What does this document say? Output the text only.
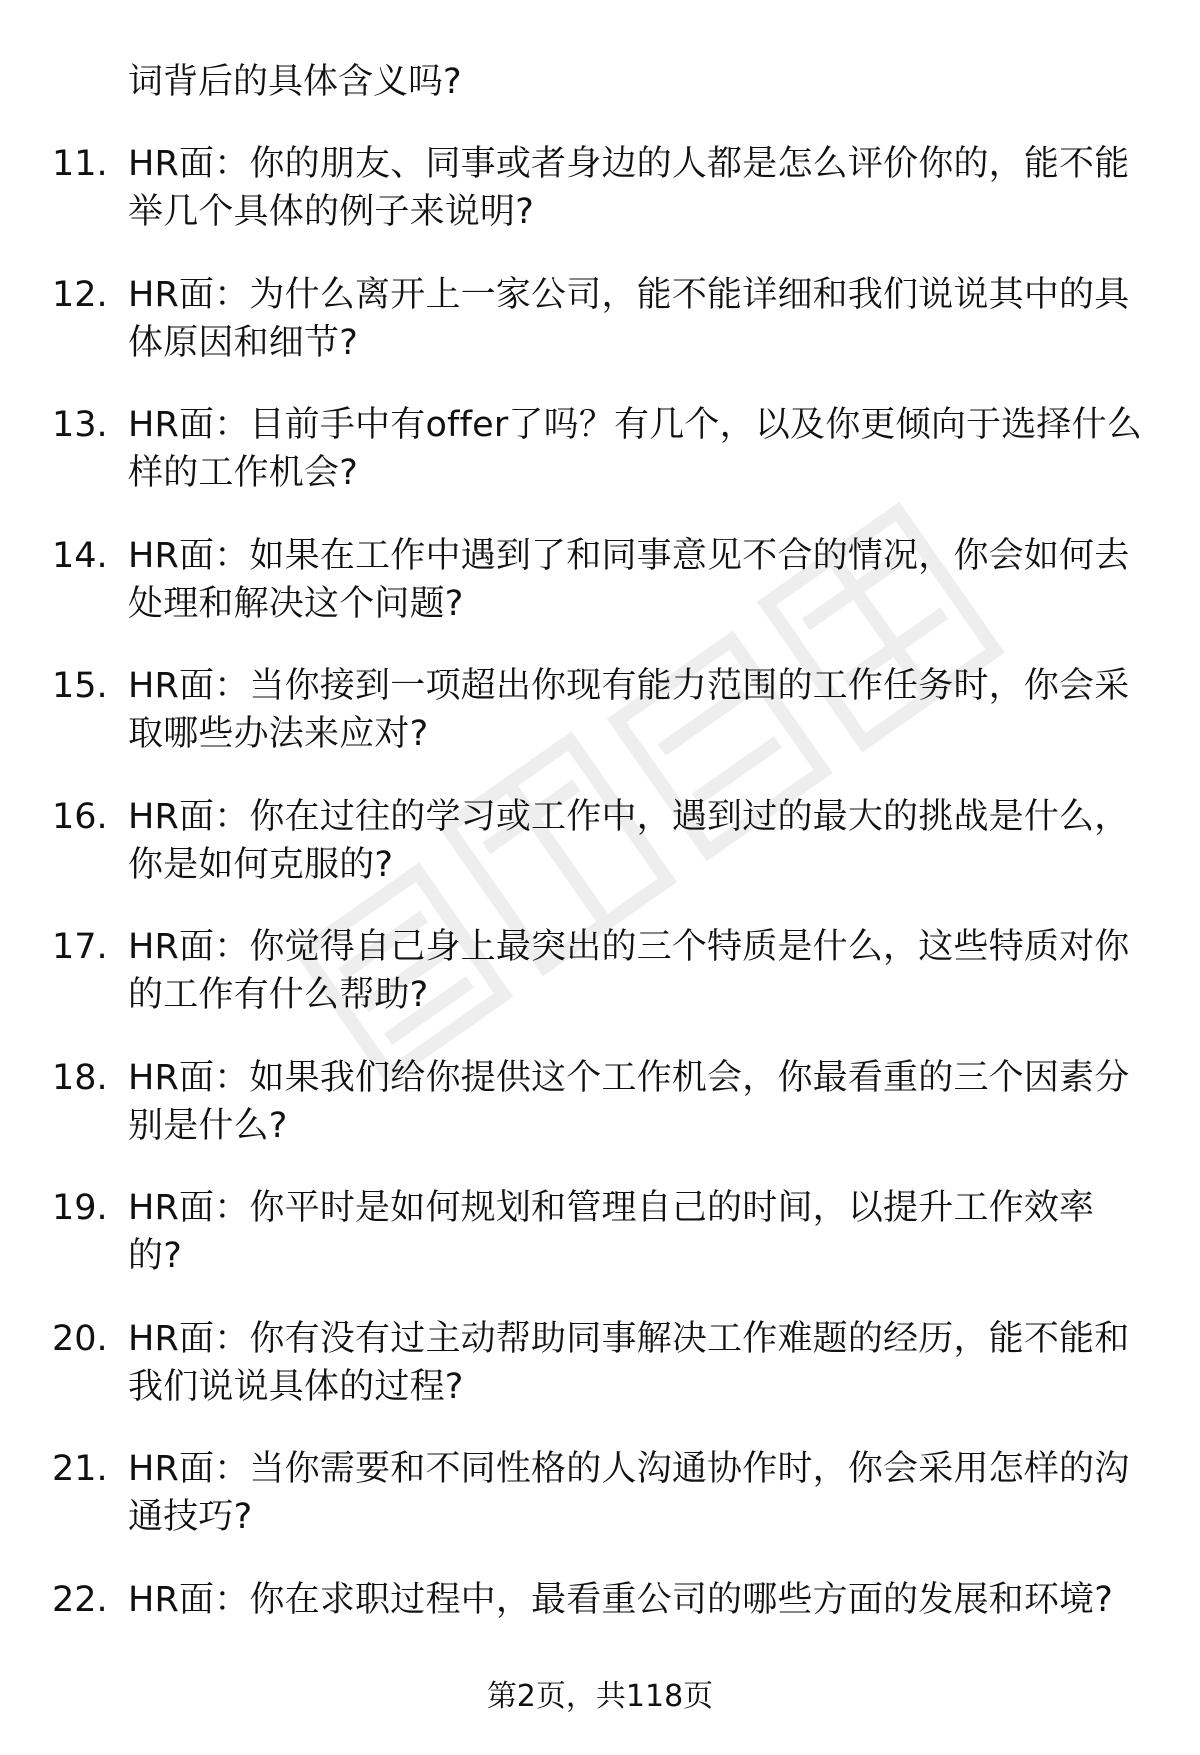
词背后的具体含义吗?

11. HR面：你的朋友、同事或者身边的人都是怎么评价你的，能不能举几个具体的例子来说明?
12. HR面：为什么离开上一家公司，能不能详细和我们说说其中的具体原因和细节?
13. HR面：目前手中有offer了吗？有几个，以及你更倾向于选择什么样的工作机会?
14. HR面：如果在工作中遇到了和同事意见不合的情况，你会如何去处理和解决这个问题?
15. HR面：当你接到一项超出你现有能力范围的工作任务时，你会采取哪些办法来应对?
16. HR面：你在过往的学习或工作中，遇到过的最大的挑战是什么，你是如何克服的?
17. HR面：你觉得自己身上最突出的三个特质是什么，这些特质对你的工作有什么帮助?
18. HR面：如果我们给你提供这个工作机会，你最看重的三个因素分别是什么?
19. HR面：你平时是如何规划和管理自己的时间，以提升工作效率的?
20. HR面：你有没有过主动帮助同事解决工作难题的经历，能不能和我们说说具体的过程?
21. HR面：当你需要和不同性格的人沟通协作时，你会采用怎样的沟通技巧?
22. HR面：你在求职过程中，最看重公司的哪些方面的发展和环境?
第2页，共118页
